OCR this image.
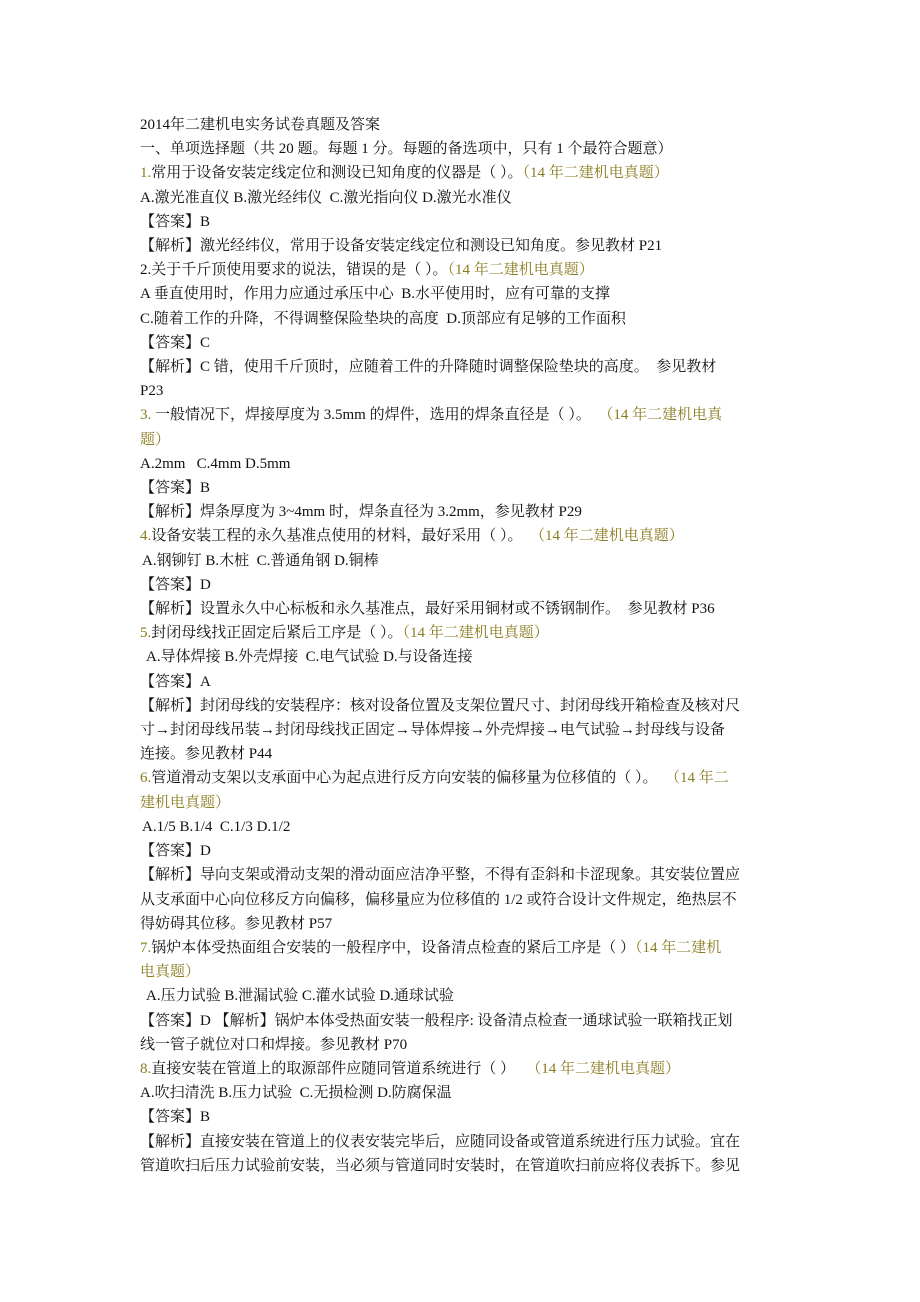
2014年二建机电实务试卷真题及答案

一、单项选择题（共 20 题。每题 1 分。每题的备选项中，只有 1 个最符合题意）

1.常用于设备安装定线定位和测设已知角度的仪器是（ ）。（14 年二建机电真题）

A.激光准直仪 B.激光经纬仪  C.激光指向仪 D.激光水准仪

【答案】B

【解析】激光经纬仪，常用于设备安装定线定位和测设已知角度。参见教材 P21

2.关于千斤顶使用要求的说法，错误的是（ ）。（14 年二建机电真题）

A 垂直使用时，作用力应通过承压中心  B.水平使用时，应有可靠的支撑

C.随着工作的升降，不得调整保险垫块的高度  D.顶部应有足够的工作面积

【答案】C

【解析】C 错，使用千斤顶时，应随着工件的升降随时调整保险垫块的高度。  参见教材

P23

3. 一般情况下，焊接厚度为 3.5mm 的焊件，选用的焊条直径是（ ）。  （14 年二建机电真

题）

A.2mm   C.4mm D.5mm

【答案】B

【解析】焊条厚度为 3~4mm 时，焊条直径为 3.2mm，参见教材 P29

4.设备安装工程的永久基准点使用的材料，最好采用（ ）。  （14 年二建机电真题）

A.钢铆钉 B.木桩  C.普通角钢 D.铜棒

【答案】D

【解析】设置永久中心标板和永久基准点，最好采用铜材或不锈钢制作。  参见教材 P36

5.封闭母线找正固定后紧后工序是（ ）。（14 年二建机电真题）

A.导体焊接 B.外壳焊接  C.电气试验 D.与设备连接

【答案】A

【解析】封闭母线的安装程序：核对设备位置及支架位置尺寸、封闭母线开箱检查及核对尺

寸→封闭母线吊装→封闭母线找正固定→导体焊接→外壳焊接→电气试验→封母线与设备

连接。参见教材 P44

6.管道滑动支架以支承面中心为起点进行反方向安装的偏移量为位移值的（ ）。  （14 年二

建机电真题）

A.1/5 B.1/4  C.1/3 D.1/2

【答案】D

【解析】导向支架或滑动支架的滑动面应洁净平整，不得有歪斜和卡涩现象。其安装位置应

从支承面中心向位移反方向偏移，偏移量应为位移值的 1/2 或符合设计文件规定，绝热层不

得妨碍其位移。参见教材 P57

7.锅炉本体受热面组合安装的一般程序中，设备清点检查的紧后工序是（ ）（14 年二建机

电真题）

A.压力试验 B.泄漏试验 C.灌水试验 D.通球试验

【答案】D 【解析】锅炉本体受热面安装一般程序: 设备清点检查一通球试验一联箱找正划

线一管子就位对口和焊接。参见教材 P70

8.直接安装在管道上的取源部件应随同管道系统进行（ ）   （14 年二建机电真题）

A.吹扫清洗 B.压力试验  C.无损检测 D.防腐保温

【答案】B

【解析】直接安装在管道上的仪表安装完毕后，应随同设备或管道系统进行压力试验。宜在

管道吹扫后压力试验前安装，当必须与管道同时安装时，在管道吹扫前应将仪表拆下。参见
